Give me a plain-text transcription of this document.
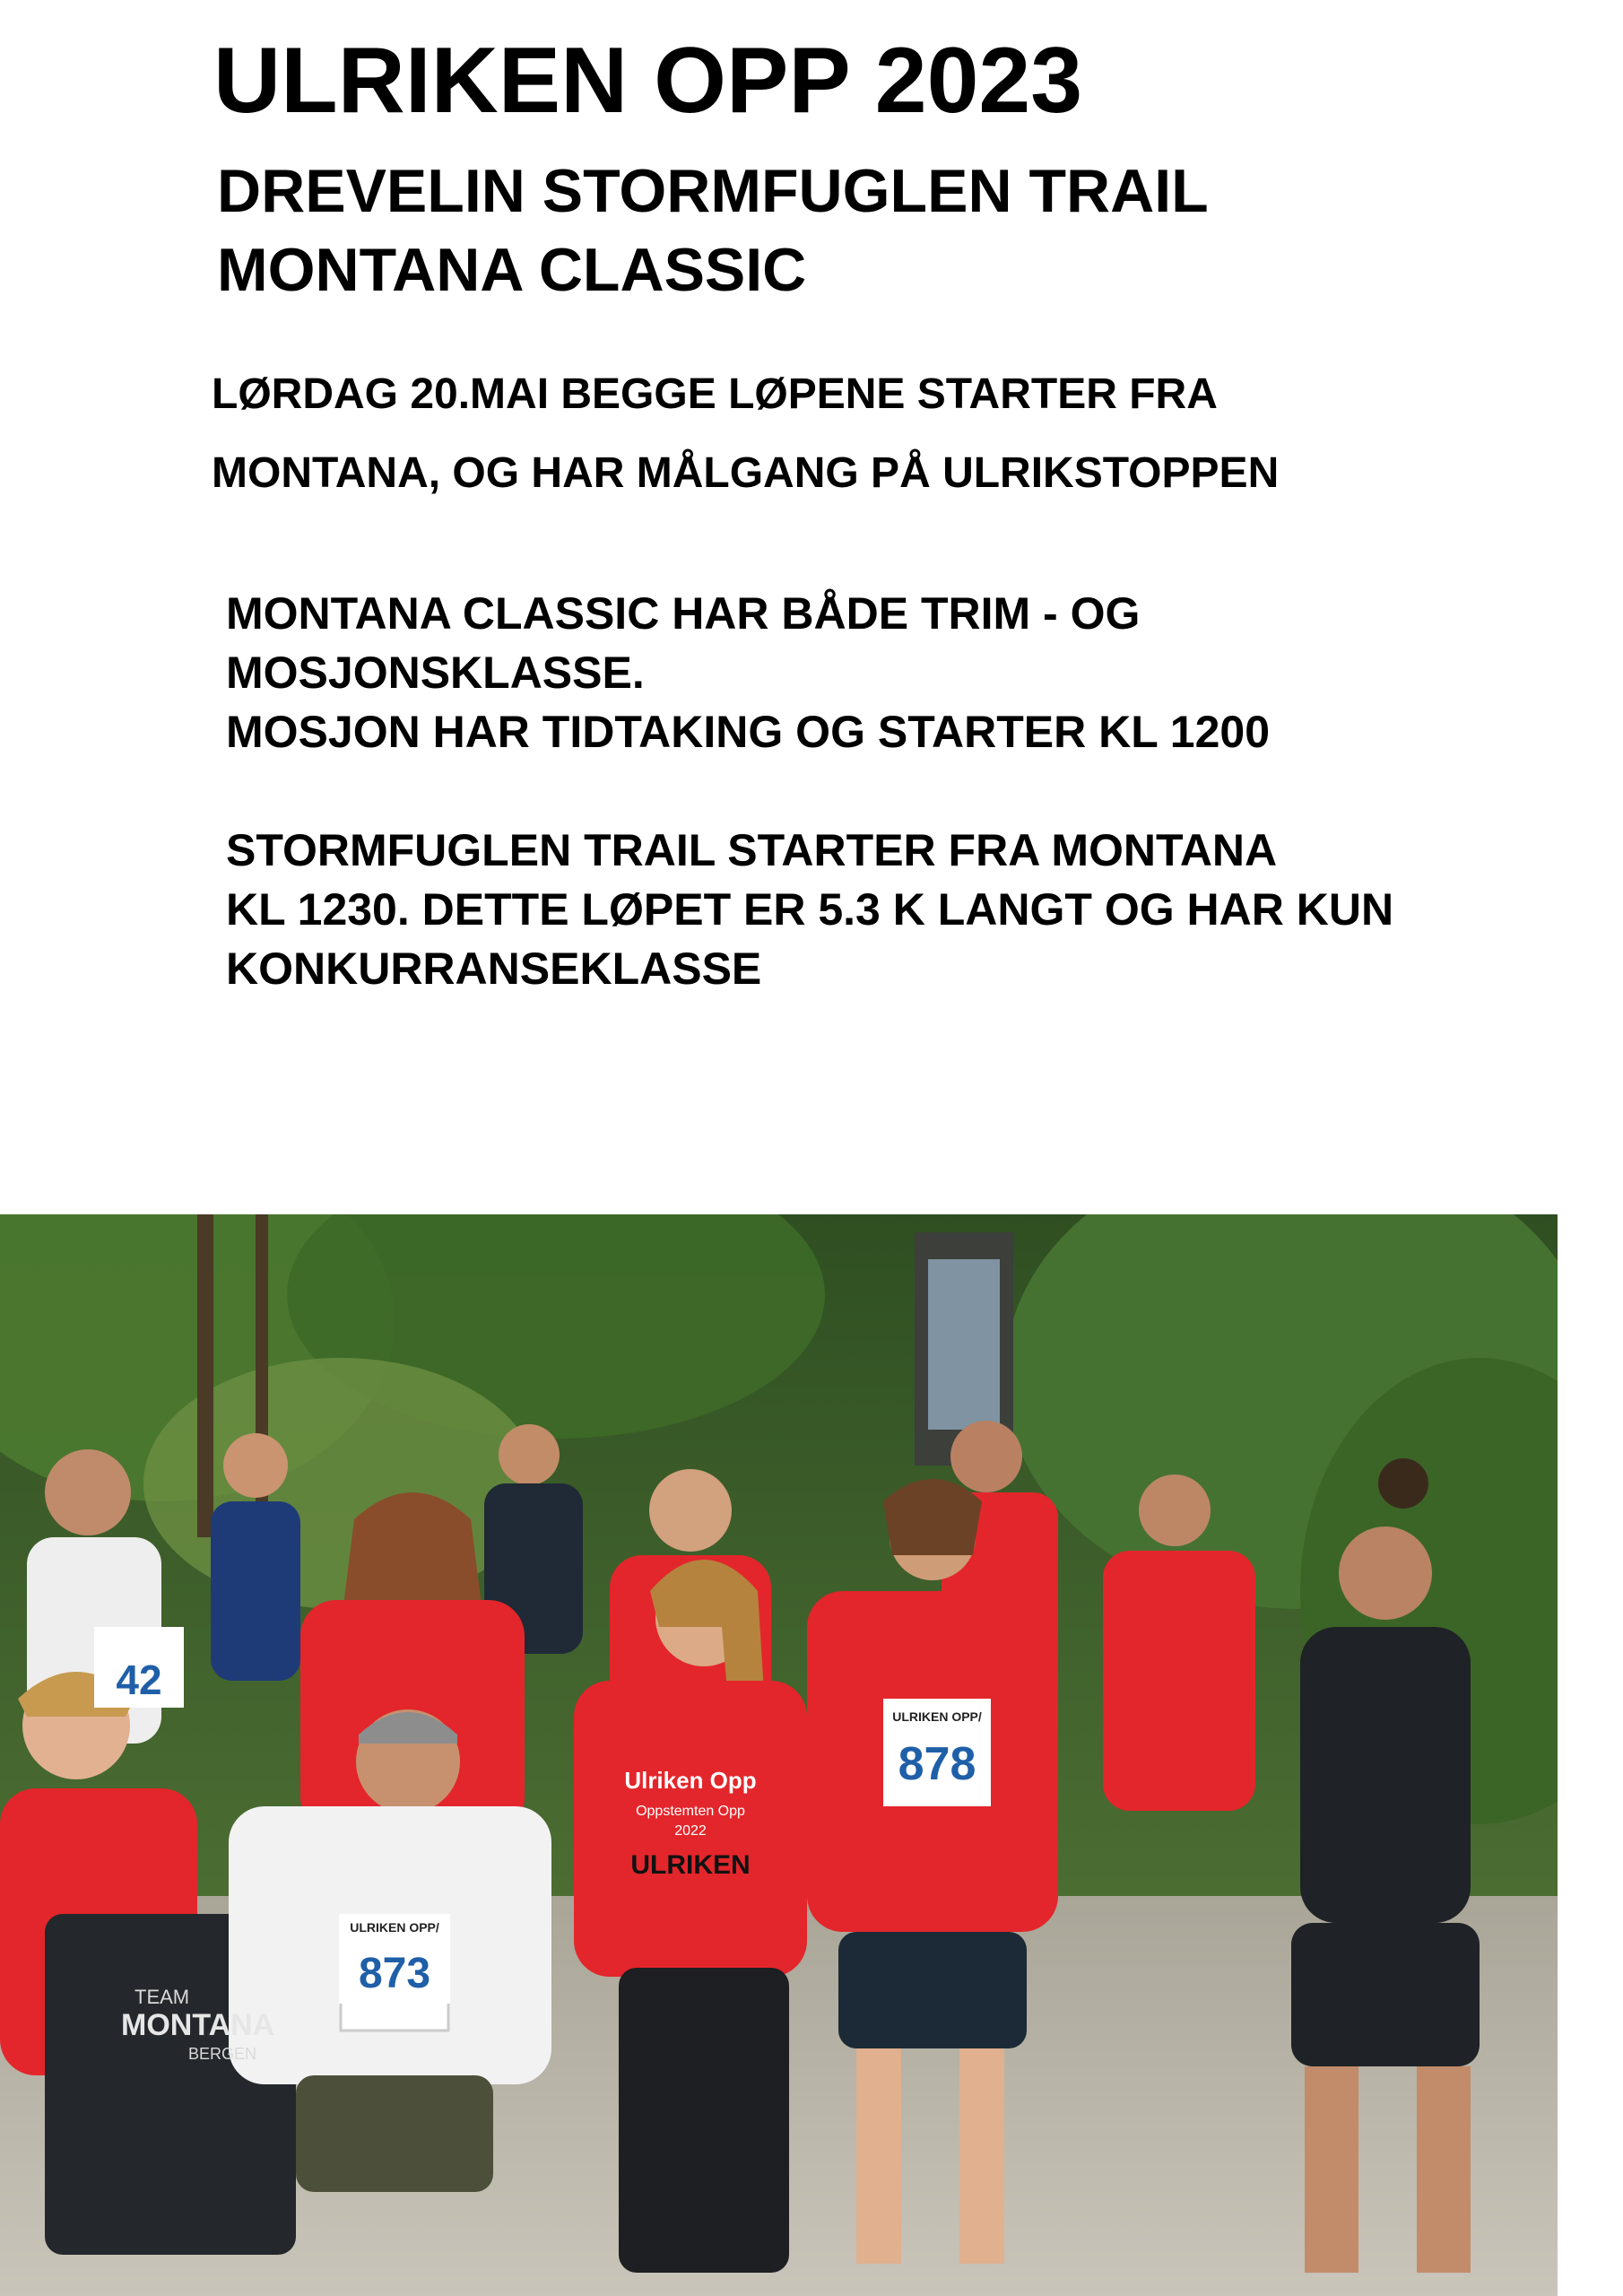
ULRIKEN OPP 2023
DREVELIN STORMFUGLEN TRAIL
MONTANA CLASSIC
LØRDAG 20.MAI BEGGE LØPENE STARTER FRA
MONTANA, OG HAR MÅLGANG PÅ ULRIKSTOPPEN
MONTANA CLASSIC HAR BÅDE TRIM - OG
MOSJONSKLASSE.
MOSJON HAR TIDTAKING OG STARTER KL 1200
STORMFUGLEN TRAIL STARTER FRA MONTANA
KL 1230. DETTE LØPET ER 5.3 K LANGT OG HAR KUN
KONKURRANSEKLASSE
42
ULRIKEN OPP/
873
ULRIKEN OPP/
878
Ulriken Opp
Oppstemten Opp
2022
ULRIKEN
TEAM
MONTANA
BERGEN
